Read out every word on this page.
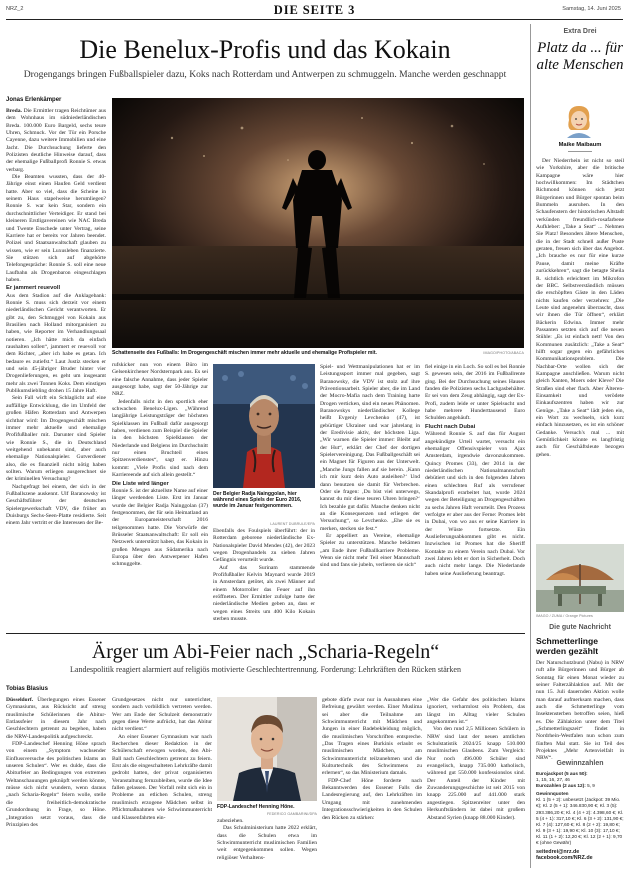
NRZ_2	DIE SEITE 3	Samstag, 14. Juni 2025
Die Benelux-Profis und das Kokain
Drogengangs bringen Fußballspieler dazu, Koks nach Rotterdam und Antwerpen zu schmuggeln. Manche werden geschnappt
Jonas Erlenkämper

Breda. Die Ermittler tragen Reichtümer aus dem Wohnhaus im südniederländischen Breda. 100.000 Euro Bargeld, sechs teure Uhren, Schmuck. Vor der Tür ein Porsche Cayenne, dazu weitere Immobilien und eine Jacht. Die Durchsuchung lieferte den Polizisten deutliche Hinweise darauf, dass der ehemalige Fußballprofi Ronnie S. etwas verbarg.

Die Beamten wussten, dass der 40-Jährige einst einen Haufen Geld verdient hatte. Aber so viel, dass die Scheine in seinem Haus stapelweise herumliegen? Ronnie S. war kein Star, sondern ein durchschnittlicher Verteidiger. Er stand bei kleineren Erstligavereinen wie NAC Breda und Twente Enschede unter Vertrag, seine Karriere hat er bereits vor Jahren beendet. Polizei und Staatsanwaltschaft glauben zu wissen, wie er sein Luxusleben finanzierte. Sie stützen sich auf abgehörte Telefongespräche: Ronnie S. soll eine neue Laufbahn als Drogenbaron eingeschlagen haben.

Er jammert reuevoll

Aus dem Stadion auf die Anklagebank: Ronnie S. muss sich derzeit vor einem niederländischen Gericht verantworten. Er gibt zu, den Schmuggel von Kokain aus Brasilien nach Holland mitorganisiert zu haben, wie Reporter im Verhandlungssaal notieren. „Ich hätte mich da einfach raushalten sollen“, jammert er reuevoll vor dem Richter, „aber ich habe es getan. Ich bedaure es zutiefst.“ Laut Justiz stecken er und sein 45-jähriger Bruder hinter vier Drogenlieferungen, es geht um insgesamt mehr als zwei Tonnen Koks. Dem einstigen Publikumsliebling drohen 15 Jahre Haft.

Sein Fall wirft ein Schlaglicht auf eine auffällige Entwicklung, die im Umfeld der großen Häfen Rotterdam und Antwerpen sichtbar wird: Im Drogengeschäft mischen immer mehr aktuelle und ehemalige Profifußballer mit. Darunter sind Spieler wie Ronnie S., die in Deutschland weitgehend unbekannt sind, aber auch ehemalige Nationalspieler. Gutverdiener also, die es finanziell nicht nötig haben sollten. Warum erliegen ausgerechnet sie der kriminellen Versuchung?

Nachgefragt bei einem, der sich in der Fußballszene auskennt. Ulf Baranowsky ist Geschäftsführer der deutschen Spielergewerkschaft VDV, die früher an Duisburgs Sechs-Seen-Platte residierte. Seit einem Jahr vertritt er die Interessen der Be-

Schattenseite des Fußballs: Im Drogengeschäft mischen immer mehr aktuelle und ehemalige Profispieler mit.	IMAGO/PHOTO/ABACA

rufskicker nun von einem Büro im Gelsenkirchener Nordsternpark aus. Es sei eine falsche Annahme, dass jeder Spieler ausgesorgt habe, sagt der 50-Jährige zur NRZ.

Jedenfalls nicht in den sportlich eher schwachen Benelux-Ligen. „Während langjährige Leistungsträger der höchsten Spielklassen im Fußball dafür ausgesorgt haben, verdienen zum Beispiel die Spieler in den höchsten Spielklassen der Niederlande und Belgiens im Durchschnitt nur einen Bruchteil eines Spitzenverdienstes“, sagt er. Hinzu kommt: „Viele Profis sind nach dem Karriereende auf sich allein gestellt.“

Die Liste wird länger

Ronnie S. ist der aktuellste Name auf einer länger werdenden Liste. Erst im Januar wurde der Belgier Radja Nainggolan (37) festgenommen, der für sein Heimatland an der Europameisterschaft 2016 teilgenommen hatte. Die Vorwürfe der Brüsseler Staatsanwaltschaft: Er soll ein Netzwerk unterstützt haben, das Kokain in großen Mengen aus Südamerika nach Europa über den Antwerpener Hafen schmuggelte.

Der Belgier Radja Nainggolan, hier während eines Spiels der Euro 2016, wurde im Januar festgenommen.
LAURENT DUBRULE/EPA

Ebenfalls des Foulspiels überführt: der in Rotterdam geborene niederländische Ex-Nationalspieler David Mendes (42), der 2023 wegen Drogenhandels zu sieben Jahren Gefängnis verurteilt wurde.

Auf das Surinam stammende Profifußballer Kelvin Maynard wurde 2019 in Amsterdam getötet, als zwei Männer auf einem Motorroller das Feuer auf ihn eröffneten. Der Ermittler zufolge hatte der niederländische Medien geben an, dass er wegen eines Streits um 400 Kilo Kokain sterben musste.

Spiel- und Wettmanipulationen hat er im Leistungssport immer mal gegeben, sagt Baranowsky, die VDV ist stolz auf ihre Präventionsarbeit. Spieler aber, die im Land der Mocro-Mafia nach dem Training harte Drogen verticken, sind ein neues Phänomen. Baranowskys niederländischer Kollege heißt Evgeniy Levchenko (47), ist gebürtiger Ukrainer und war jahrelang in der Eredivisie aktiv, der höchsten Liga. „Wir warnen die Spieler immer: Bleibt auf der Hut“, erklärt der Chef der dortigen Spielervereinigung. Das Fußballgeschäft sei ein Magnet für Figuren aus der Unterwelt. „Manche Jungs fallen auf sie herein. ‚Kann ich mir kurz dein Auto ausleihen?‘ Und dann benutzen sie damit für Verbrechen. Oder sie fragen: ‚Du bist viel unterwegs, kannst du mir diese teuren Uhren bringen?‘ Ich bezahle gut dafür. Manche denken nicht an die Konsequenzen und erliegen der Versuchung“, so Levchenko. „Ehe sie es merken, stecken sie fest.“

Er appelliert an Vereine, ehemalige Spieler zu unterstützen. Manche bekämen „am Ende ihrer Fußballkarriere Probleme. Wenn sie nicht mehr Teil einer Mannschaft sind und fans sie jubeln, verlieren sie sich“

fiel einige in ein Loch. So soll es bei Ronnie S. gewesen sein, der 2016 im Fußballrente ging. Bei der Durchsuchung seines Hauses fanden die Polizisten sechs Lachgasbehälter. Er sei von dem Zeug abhängig, sagt der Ex-Profi, zudem leide er unter Spielsucht und habe mehrere Hunderttausend Euro Schulden angehäuft.

Flucht nach Dubai

Während Ronnie S. auf das für August angekündigte Urteil wartet, versucht ein ehemaliger Offensivspieler von Ajax Amsterdam, irgendwie davonzukommen. Quincy Promes (33), der 2014 in der niederländischen Nationalmannschaft debütiert und sich in den folgenden Jahren einen schlechten Ruf als verrufener Skandalprofi erarbeitet hat, wurde 2024 wegen der Beteiligung an Drogengeschäften zu sechs Jahren Haft verurteilt. Den Prozess verfolgte er aber aus der Ferne: Promes lebt in Dubai, von wo aus er seine Karriere in der Wüste fortsetzte. Ein Auslieferungsabkommen gibt es nicht. Inzwischen ist Promes hat die Sheriff Kontakte zu einem Verein nach Dubai. Vor zwei Jahren lebt er dort in Sicherheit. Doch auch nicht mehr lange. Die Niederlande haben seine Auslieferung beantragt.

Extra Drei
Platz da ... für alte Menschen
Maike Maibaum

Der Niederrhein ist nicht so steil wie Yorkshire, aber die britische Kampagne wäre hier hochwillkommen: Im Städtchen Richmond können sich jetzt Bürgerinnen und Bürger spontan beim Bummeln ausruhen. In den Schaufenstern der historischen Altstadt verkünden freundlich-rosafarbene Aufkleber: „Take a Seat“ ... Nehmen Sie Platz! Besonders ältere Menschen, die in der Stadt schnell außer Puste geraten, freuen sich über das Angebot. „Ich brauche es nur für eine kurze Pause, damit meine Kräfte zurückkehren“, sagt die betagte Sheila R. sichtlich erleichtert im Mikrofon der BBC. Selbstverständlich müssen die erschöpften Gäste in den Läden nichts kaufen oder verzehren: „Die Leute sind angenehm überrascht, dass wir ihnen die Tür öffnen“, erklärt Bäckerin Edwina. Immer mehr Passanten setzten sich auf die neuen Stühle: „Es ist einfach nett! Von den Kommunen zusätzlich: „Take a Seat“ hilft sogar gegen ein gefährliches Kommunikationsproblem. Die Nachbar-Orte wollen sich der Kampagne anschließen. Warum nicht gleich Xanten, Moers oder Kleve? Die Straßen sind eher flach. Aber Älteren-Einsamkeit und verödete Einkaufszentren haben wir zur Genüge. „Take a Seat“ lädt jeden ein, ein Wort zu wechseln, sich kurz einfach hinzusetzen, es ist ein schöner Gedanke. Versuch's mal ... mit Gemütlichkeit könnte es langfristig auch für Geschäftsleute bezogen gehen.

IMAGO / ZUMA / Orange Pictures
Die gute Nachricht
Schmetterlinge werden gezählt

Der Naturschutzbund (Nabu) in NRW ruft alle Bürgerinnen und Bürger ab Sonntag für einen Monat wieder zu seiner Falterzählaktion auf. Mit der nun 15. Juli dauernden Aktion wolle man darauf aufmerksam machen, dass auch die Schmetterlinge vom Insektensterben betroffen seien, hieß es. Die Zählaktion unter dem Titel „Schmetterlingszeit“ findet in Nordrhein-Westfalen nun schon zum fünften Mal statt. Sie ist Teil des Projektes „Mehr Artenvielfalt in NRW“.

Gewinnzahlen
Eurojackpot (5 aus 50):
1, 15, 16, 27, 46
Eurozahlen (2 aus 12): 5, 9
Gewinnquoten
Kl. 1 (5 + 2): unbesetzt (Jackpot: 39 Mio. €); Kl. 2 (5 + 1): 346.830,90 €; Kl. 3 (5): 293.386,20 €; Kl. 4 (4 + 2): 4.398,60 €; Kl. 5 (4 + 1): 317,10 €; Kl. 6 (3 + 2): 131,90 €; Kl. 7 (4): 127,60 €; Kl. 8 (2 + 2): 19,80 €; Kl. 9 (3 + 1): 19,90 €; Kl. 10 (3): 17,10 €; Kl. 11 (1 + 2): 12,20 €; Kl. 12 (2 + 1): 9,70 € (ohne Gewähr)
seitedrei@nrz.de
facebook.com/NRZ.de
Ärger um Abi-Feier nach „Scharia-Regeln“
Landespolitik reagiert alarmiert auf religiös motivierte Geschlechtertrennung. Forderung: Lehrkräften den Rücken stärken
Tobias Blasius

Düsseldorf. Überlegungen eines Essener Gymnasiums, aus Rücksicht auf streng muslimische Schülerinnen die Abitur-Entlassfeier in diesem Jahr nach Geschlechtern getrennt zu begehen, haben die NRW-Landespolitik aufgeschreckt.

FDP-Landeschef Henning Höne sprach von einem „Symptom wachsender Einflussversuche des politischen Islams an unseren Schulen“. Wer es dulde, dass die Abiturfeier an Bedingungen von extremen Weltanschauungen geknüpft werden könnte, müsse sich nicht wundern, wenn daraus „nach Scharia-Regeln“ feiern wolle, stelle die freiheitlich-demokratische Grundordnung in Frage, so Höne. „Integration setzt voraus, dass die Prinzipien des

Grundgesetzes nicht nur unterrichtet, sondern auch vorbildlich vertreten werden. Wer am Ende der Schulzeit demonstrativ gegen diese Werte aufrückt, hat das Abitur nicht verdient.“

An einer Essener Gymnasium war nach Recherchen dieser Redaktion in der Schülerschaft erwogen worden, den Abi-Ball nach Geschlechtern getrennt zu feiern. Erst als die eingeschalteten Lehrkräfte damit gedroht hatten, der privat organisierten Veranstaltung fernzubleiben, wurde die Idee fallen gelassen. Der Vorfall reiht sich ein in Probleme an etlichen Schulen, streng muslimisch erzogene Mädchen selbst in Pflichtmaßnahmen wie Schwimmunterricht und Klassenfahrten ein-

FDP-Landeschef Henning Höne.
FEDERICO GAMBARINI/DPA

zubeziehen.

Das Schulministerium hatte 2022 erklärt, dass die Schulen etwa im Schwimmunterricht muslimischen Familien weit entgegenkommen sollen. Wegen religiöser Verhaltens-

gebote dürfe zwar nur in Ausnahmen eine Befreiung gewährt werden. Einer Muslima sei aber die Teilnahme am Schwimmunterricht mit Mädchen und Jungen in einer Badebekleidung möglich, die muslimischen Vorschriften entspreche. „Das Tragen eines Burkinis erlaubt es muslimischen Mädchen, am Schwimmunterricht teilzunehmen und die Kulturtechnik des Schwimmens zu erlernen“, so das Ministerium damals.

FDP-Chef Höne forderte nach Bekanntwerden des Essener Falls die Landesregierung auf, den Lehrkräften im Umgang mit zunehmenden Integrationsschwierigkeiten in den Schulen den Rücken zu stärken:

„Wer die Gefahr des politischen Islams ignoriert, verharmlost ein Problem, das längst im Alltag vieler Schulen angekommen ist.“

Von den rund 2,5 Millionen Schülern in NRW sind laut der neuen amtlichen Schulstatistik 2024/25 knapp 510.000 muslimischen Glaubens. Zum Vergleich: Nur noch 496.000 Schüler sind evangelisch, knapp 735.000 katholisch, während gut 550.000 konfessionslos sind. Der Anteil der Kinder mit Zuwanderungsgeschichte ist seit 2015 von knapp 225.000 auf 441.000 stark angestiegen. Spitzenreiter unter den Herkunftsländern ist dabei mit großem Abstand Syrien (knapp 88.000 Kinder).
